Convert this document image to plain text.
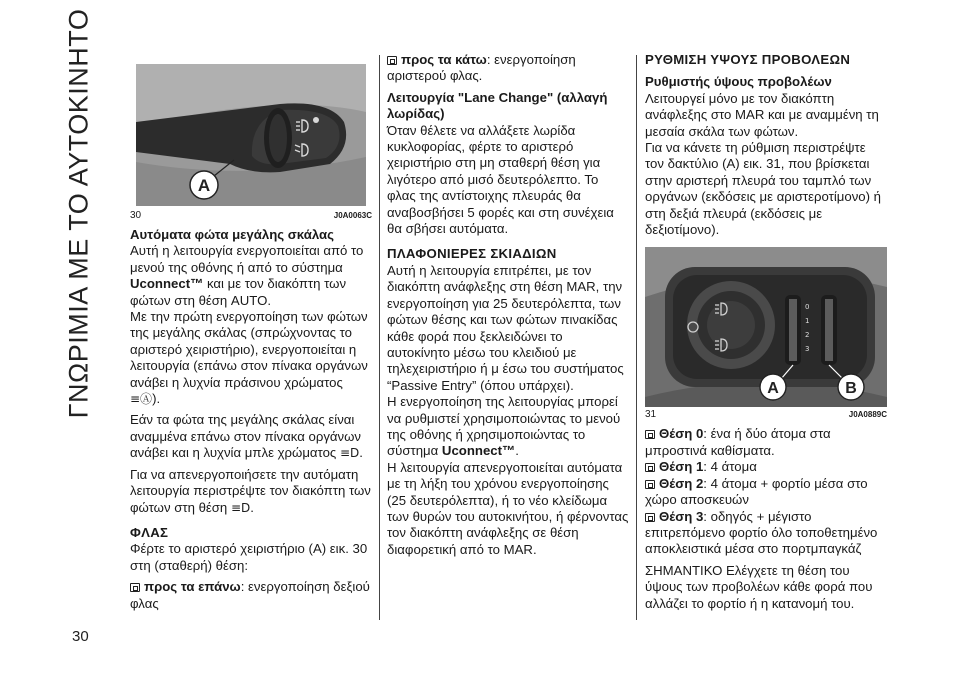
ΓΝΩΡΙΜΙΑ ΜΕ ΤΟ ΑΥΤΟΚΙΝΗΤΟ
30
A
30	J0A0063C
Αυτόματα φώτα μεγάλης σκάλας

Αυτή η λειτουργία ενεργοποιείται από το μενού της οθόνης ή από το σύστημα Uconnect™ και με τον διακόπτη των φώτων στη θέση AUTO.

Με την πρώτη ενεργοποίηση των φώτων της μεγάλης σκάλας (σπρώχνοντας το αριστερό χειριστήριο), ενεργοποιείται η λειτουργία (επάνω στον πίνακα οργάνων ανάβει η λυχνία πράσινου χρώματος ≡Ⓐ).

Εάν τα φώτα της μεγάλης σκάλας είναι αναμμένα επάνω στον πίνακα οργάνων ανάβει και η λυχνία μπλε χρώματος ≡D.

Για να απενεργοποιήσετε την αυτόματη λειτουργία περιστρέψτε τον διακόπτη των φώτων στη θέση ≡D.

ΦΛΑΣ

Φέρτε το αριστερό χειριστήριο (A) εικ. 30 στη (σταθερή) θέση:

προς τα επάνω: ενεργοποίηση δεξιού φλας

προς τα κάτω: ενεργοποίηση αριστερού φλας.

Λειτουργία "Lane Change" (αλλαγή λωρίδας)

Όταν θέλετε να αλλάξετε λωρίδα κυκλοφορίας, φέρτε το αριστερό χειριστήριο στη μη σταθερή θέση για λιγότερο από μισό δευτερόλεπτο. Το φλας της αντίστοιχης πλευράς θα αναβοσβήσει 5 φορές και στη συνέχεια θα σβήσει αυτόματα.

ΠΛΑΦΟΝΙΕΡΕΣ ΣΚΙΑΔΙΩΝ

Αυτή η λειτουργία επιτρέπει, με τον διακόπτη ανάφλεξης στη θέση MAR, την ενεργοποίηση για 25 δευτερόλεπτα, των φώτων θέσης και των φώτων πινακίδας κάθε φορά που ξεκλειδώνει το αυτοκίνητο μέσω του κλειδιού με τηλεχειριστήριο ή μ έσω του συστήματος “Passive Entry” (όπου υπάρχει).

Η ενεργοποίηση της λειτουργίας μπορεί να ρυθμιστεί χρησιμοποιώντας το μενού της οθόνης ή χρησιμοποιώντας το σύστημα Uconnect™.

Η λειτουργία απενεργοποιείται αυτόματα με τη λήξη του χρόνου ενεργοποίησης (25 δευτερόλεπτα), ή το νέο κλείδωμα των θυρών του αυτοκινήτου, ή φέρνοντας τον διακόπτη ανάφλεξης σε θέση διαφορετική από το MAR.

ΡΥΘΜΙΣΗ ΥΨΟΥΣ ΠΡΟΒΟΛΕΩΝ
Ρυθμιστής ύψους προβολέων

Λειτουργεί μόνο με τον διακόπτη ανάφλεξης στο MAR και με αναμμένη τη μεσαία σκάλα των φώτων.

Για να κάνετε τη ρύθμιση περιστρέψτε τον δακτύλιο (A) εικ. 31, που βρίσκεται στην αριστερή πλευρά του ταμπλό των οργάνων (εκδόσεις με αριστεροτίμονο) ή στη δεξιά πλευρά (εκδόσεις με δεξιοτίμονο).

0
1
2
3
A	B
31	J0A0889C

Θέση 0: ένα ή δύο άτομα στα μπροστινά καθίσματα.

Θέση 1: 4 άτομα

Θέση 2: 4 άτομα + φορτίο μέσα στο χώρο αποσκευών

Θέση 3: οδηγός + μέγιστο επιτρεπόμενο φορτίο όλο τοποθετημένο αποκλειστικά μέσα στο πορτμπαγκάζ

ΣΗΜΑΝΤΙΚΟ Ελέγχετε τη θέση του ύψους των προβολέων κάθε φορά που αλλάζει το φορτίο ή η κατανομή του.
